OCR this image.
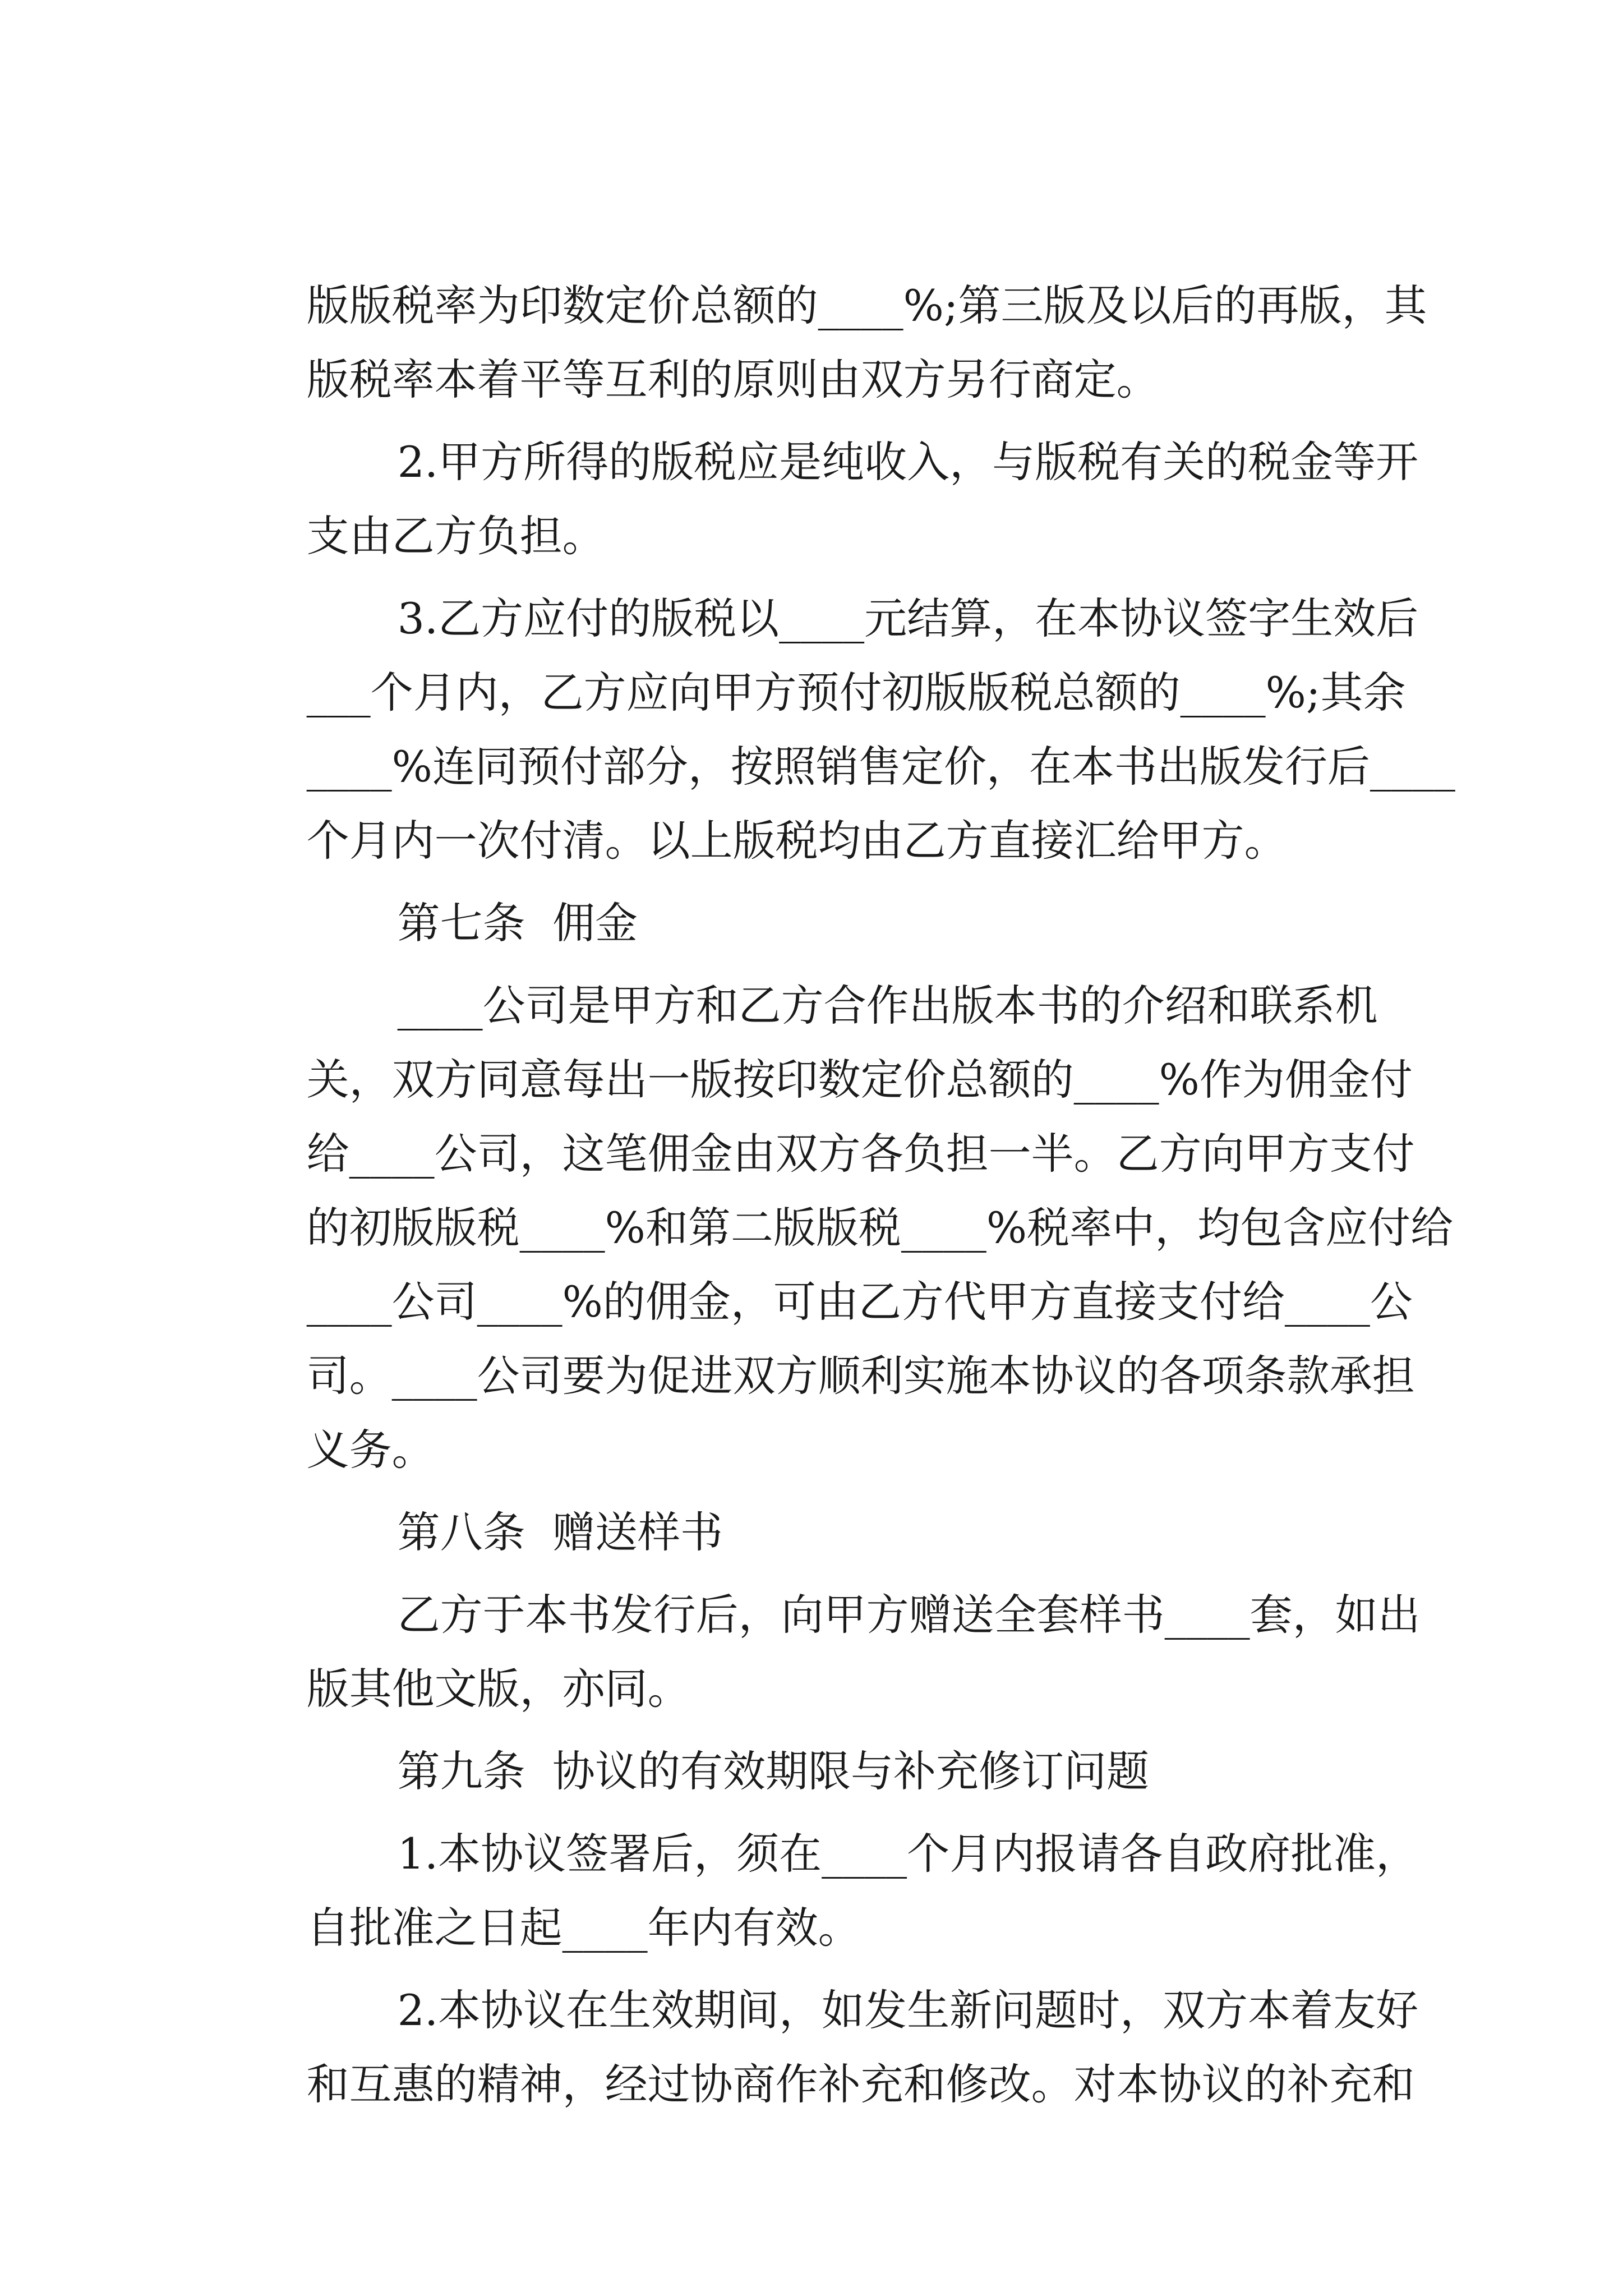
版版税率为印数定价总额的____%;第三版及以后的再版，其

版税率本着平等互利的原则由双方另行商定。

2.甲方所得的版税应是纯收入，与版税有关的税金等开

支由乙方负担。

3.乙方应付的版税以____元结算，在本协议签字生效后

___个月内，乙方应向甲方预付初版版税总额的____%;其余

____%连同预付部分，按照销售定价，在本书出版发行后____

个月内一次付清。以上版税均由乙方直接汇给甲方。

第七条  佣金

____公司是甲方和乙方合作出版本书的介绍和联系机

关，双方同意每出一版按印数定价总额的____%作为佣金付

给____公司，这笔佣金由双方各负担一半。乙方向甲方支付

的初版版税____%和第二版版税____%税率中，均包含应付给

____公司____%的佣金，可由乙方代甲方直接支付给____公

司。____公司要为促进双方顺利实施本协议的各项条款承担

义务。

第八条  赠送样书

乙方于本书发行后，向甲方赠送全套样书____套，如出

版其他文版，亦同。

第九条  协议的有效期限与补充修订问题

1.本协议签署后，须在____个月内报请各自政府批准，

自批准之日起____年内有效。

2.本协议在生效期间，如发生新问题时，双方本着友好

和互惠的精神，经过协商作补充和修改。对本协议的补充和
